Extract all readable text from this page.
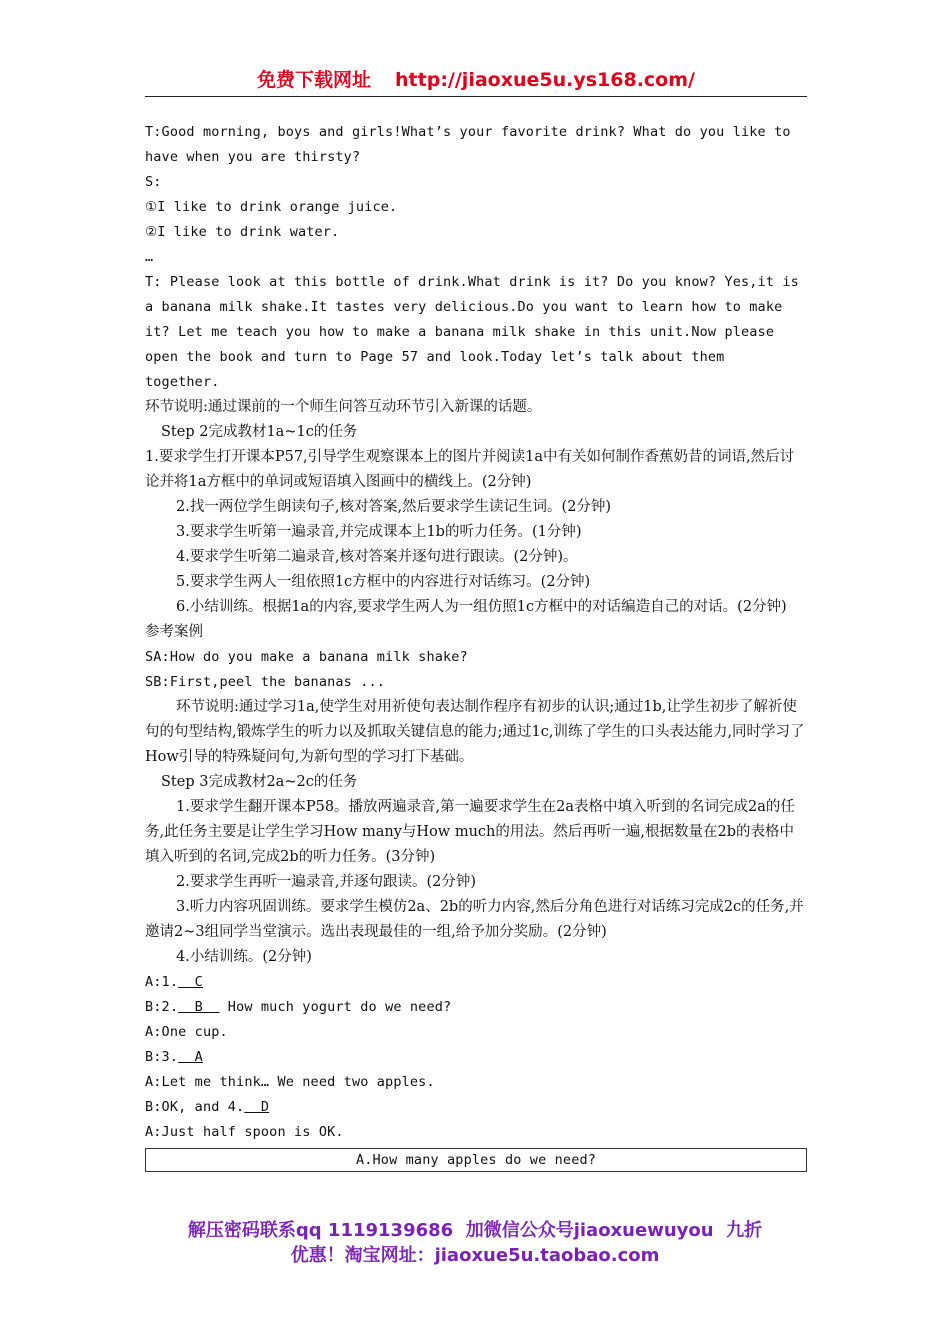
免费下载网址 http://jiaoxue5u.ys168.com/
T:Good morning, boys and girls!What’s your favorite drink? What do you like to
have when you are thirsty?
S:
①I like to drink orange juice.
②I like to drink water.
…
T: Please look at this bottle of drink.What drink is it? Do you know? Yes,it is
a banana milk shake.It tastes very delicious.Do you want to learn how to make
it? Let me teach you how to make a banana milk shake in this unit.Now please
open the book and turn to Page 57 and look.Today let’s talk about them
together.
环节说明:通过课前的一个师生问答互动环节引入新课的话题。
Step 2完成教材1a~1c的任务
1.要求学生打开课本P57,引导学生观察课本上的图片并阅读1a中有关如何制作香蕉奶昔的词语,然后讨论并将1a方框中的单词或短语填入图画中的横线上。(2分钟)
2.找一两位学生朗读句子,核对答案,然后要求学生读记生词。(2分钟)
3.要求学生听第一遍录音,并完成课本上1b的听力任务。(1分钟)
4.要求学生听第二遍录音,核对答案并逐句进行跟读。(2分钟)。
5.要求学生两人一组依照1c方框中的内容进行对话练习。(2分钟)
6.小结训练。根据1a的内容,要求学生两人为一组仿照1c方框中的对话编造自己的对话。(2分钟)
参考案例
SA:How do you make a banana milk shake?
SB:First,peel the bananas ...
环节说明:通过学习1a,使学生对用祈使句表达制作程序有初步的认识;通过1b,让学生初步了解祈使句的句型结构,锻炼学生的听力以及抓取关键信息的能力;通过1c,训练了学生的口头表达能力,同时学习了How引导的特殊疑问句,为新句型的学习打下基础。
Step 3完成教材2a~2c的任务
1.要求学生翻开课本P58。播放两遍录音,第一遍要求学生在2a表格中填入听到的名词完成2a的任务,此任务主要是让学生学习How many与How much的用法。然后再听一遍,根据数量在2b的表格中填入听到的名词,完成2b的听力任务。(3分钟)
2.要求学生再听一遍录音,并逐句跟读。(2分钟)
3.听力内容巩固训练。要求学生模仿2a、2b的听力内容,然后分角色进行对话练习完成2c的任务,并邀请2~3组同学当堂演示。选出表现最佳的一组,给予加分奖励。(2分钟)
4.小结训练。(2分钟)
A:1.  C
B:2.  B   How much yogurt do we need?
A:One cup.
B:3.  A
A:Let me think… We need two apples.
B:OK, and 4.  D
A:Just half spoon is OK.
A.How many apples do we need?
解压密码联系qq 1119139686  加微信公众号jiaoxuewuyou  九折
优惠！淘宝网址：jiaoxue5u.taobao.com
